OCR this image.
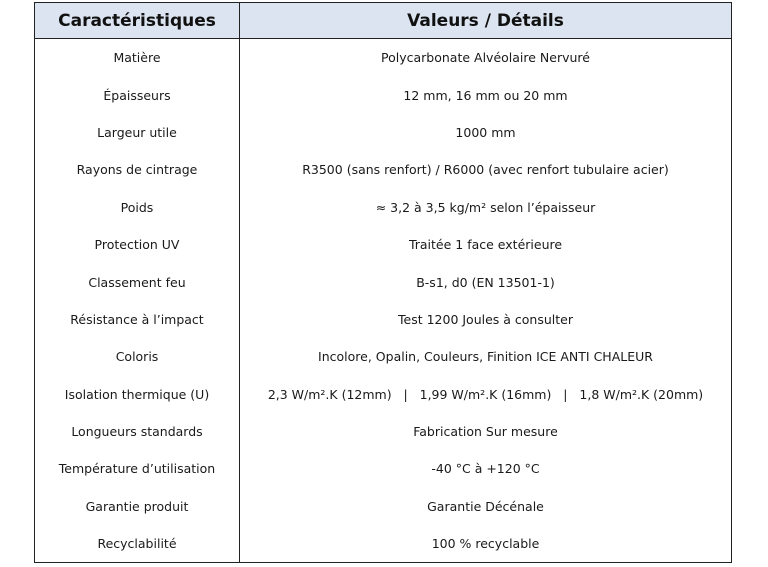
Caractéristiques	Valeurs / Détails
Matière	Polycarbonate Alvéolaire Nervuré
Épaisseurs	12 mm, 16 mm ou 20 mm
Largeur utile	1000 mm
Rayons de cintrage	R3500 (sans renfort) / R6000 (avec renfort tubulaire acier)
Poids	≈ 3,2 à 3,5 kg/m² selon l’épaisseur
Protection UV	Traitée 1 face extérieure
Classement feu	B-s1, d0 (EN 13501-1)
Résistance à l’impact	Test 1200 Joules à consulter
Coloris	Incolore, Opalin, Couleurs, Finition ICE ANTI CHALEUR
Isolation thermique (U)	2,3 W/m².K (12mm)   |   1,99 W/m².K (16mm)   |   1,8 W/m².K (20mm)
Longueurs standards	Fabrication Sur mesure
Température d’utilisation	-40 °C à +120 °C
Garantie produit	Garantie Décénale
Recyclabilité	100 % recyclable
